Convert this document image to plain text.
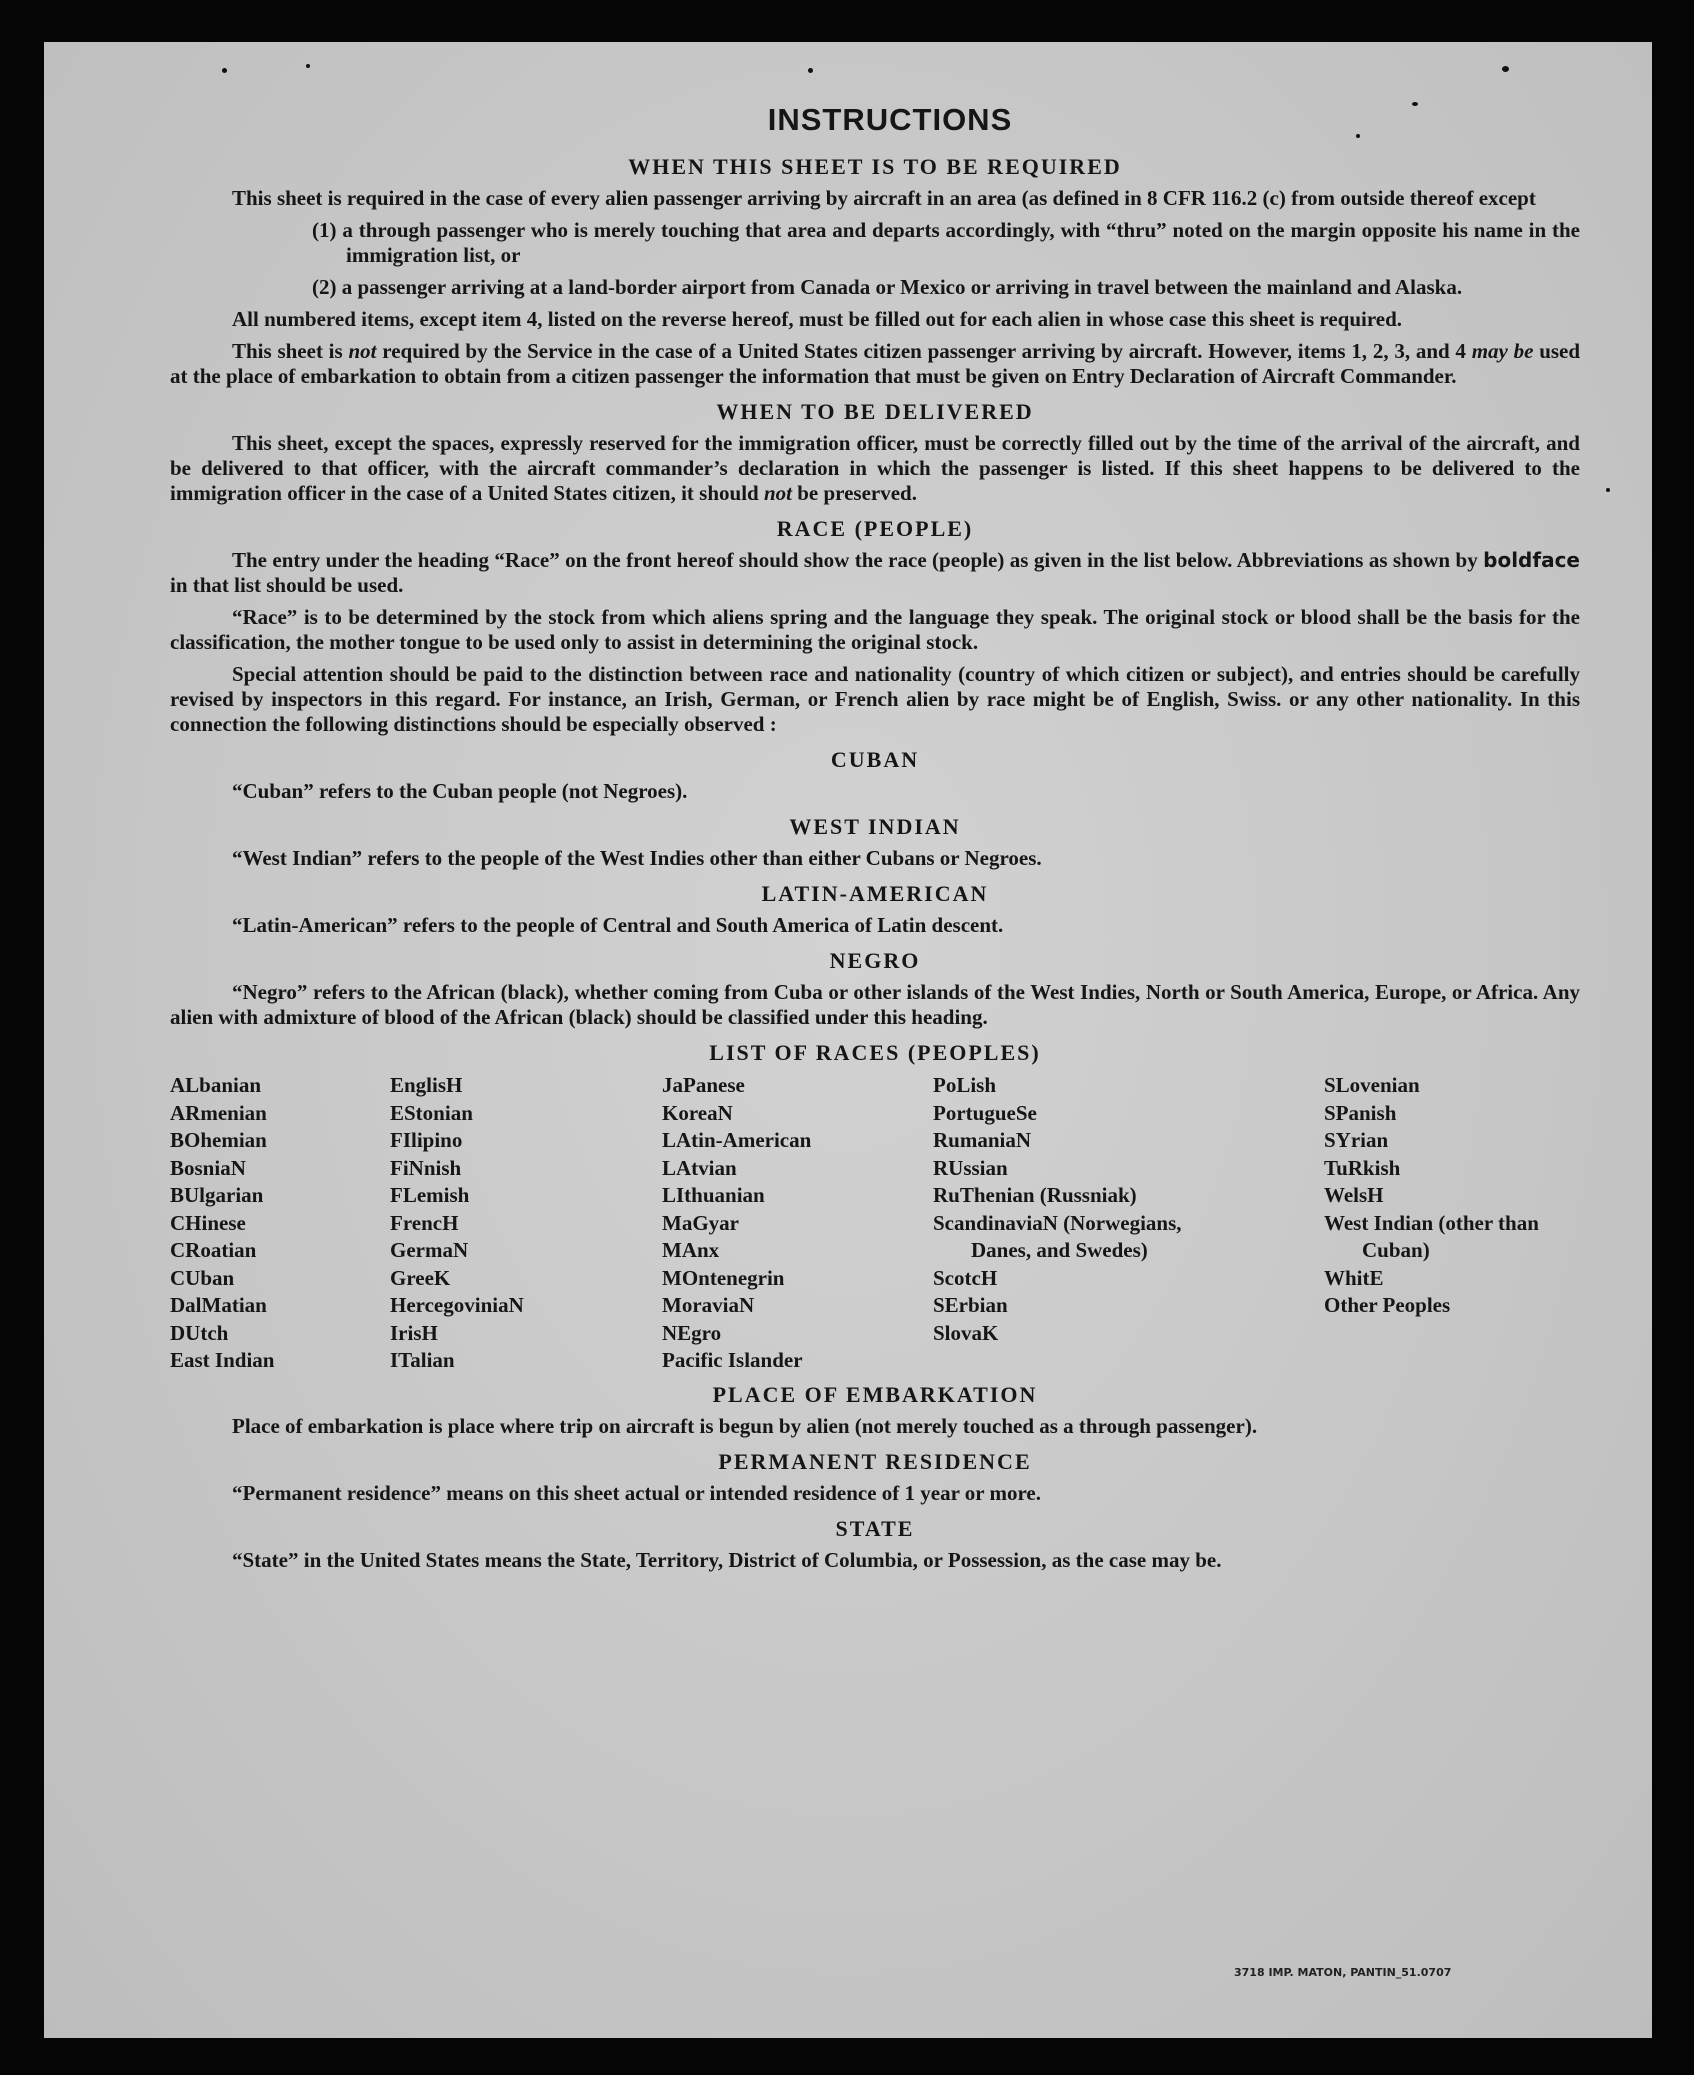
INSTRUCTIONS
WHEN THIS SHEET IS TO BE REQUIRED

This sheet is required in the case of every alien passenger arriving by aircraft in an area (as defined in 8 CFR 116.2 (c) from outside thereof except

(1) a through passenger who is merely touching that area and departs accordingly, with “thru” noted on the margin opposite his name in the immigration list, or
(2) a passenger arriving at a land-border airport from Canada or Mexico or arriving in travel between the mainland and Alaska.

All numbered items, except item 4, listed on the reverse hereof, must be filled out for each alien in whose case this sheet is required.

This sheet is not required by the Service in the case of a United States citizen passenger arriving by aircraft. However, items 1, 2, 3, and 4 may be used at the place of embarkation to obtain from a citizen passenger the information that must be given on Entry Declaration of Aircraft Commander.

WHEN TO BE DELIVERED

This sheet, except the spaces, expressly reserved for the immigration officer, must be correctly filled out by the time of the arrival of the aircraft, and be delivered to that officer, with the aircraft commander’s declaration in which the passenger is listed. If this sheet happens to be delivered to the immigration officer in the case of a United States citizen, it should not be preserved.

RACE (PEOPLE)

The entry under the heading “Race” on the front hereof should show the race (people) as given in the list below. Abbreviations as shown by boldface in that list should be used.

“Race” is to be determined by the stock from which aliens spring and the language they speak. The original stock or blood shall be the basis for the classification, the mother tongue to be used only to assist in determining the original stock.

Special attention should be paid to the distinction between race and nationality (country of which citizen or subject), and entries should be carefully revised by inspectors in this regard. For instance, an Irish, German, or French alien by race might be of English, Swiss. or any other nationality. In this connection the following distinctions should be especially observed :

CUBAN

“Cuban” refers to the Cuban people (not Negroes).

WEST INDIAN

“West Indian” refers to the people of the West Indies other than either Cubans or Negroes.

LATIN-AMERICAN

“Latin-American” refers to the people of Central and South America of Latin descent.

NEGRO

“Negro” refers to the African (black), whether coming from Cuba or other islands of the West Indies, North or South America, Europe, or Africa. Any alien with admixture of blood of the African (black) should be classified under this heading.

LIST OF RACES (PEOPLES)
ALbanian
ARmenian
BOhemian
BosniaN
BUlgarian
CHinese
CRoatian
CUban
DalMatian
DUtch
East Indian
EnglisH
EStonian
FIlipino
FiNnish
FLemish
FrencH
GermaN
GreeK
HercegoviniaN
IrisH
ITalian
JaPanese
KoreaN
LAtin-American
LAtvian
LIthuanian
MaGyar
MAnx
MOntenegrin
MoraviaN
NEgro
Pacific Islander
PoLish
PortugueSe
RumaniaN
RUssian
RuThenian (Russniak)
ScandinaviaN (Norwegians, Danes, and Swedes)
ScotcH
SErbian
SlovaK
SLovenian
SPanish
SYrian
TuRkish
WelsH
West Indian (other than Cuban)
WhitE
Other Peoples
PLACE OF EMBARKATION

Place of embarkation is place where trip on aircraft is begun by alien (not merely touched as a through passenger).

PERMANENT RESIDENCE

“Permanent residence” means on this sheet actual or intended residence of 1 year or more.

STATE

“State” in the United States means the State, Territory, District of Columbia, or Possession, as the case may be.

3718 IMP. MATON, PANTIN_51.0707
